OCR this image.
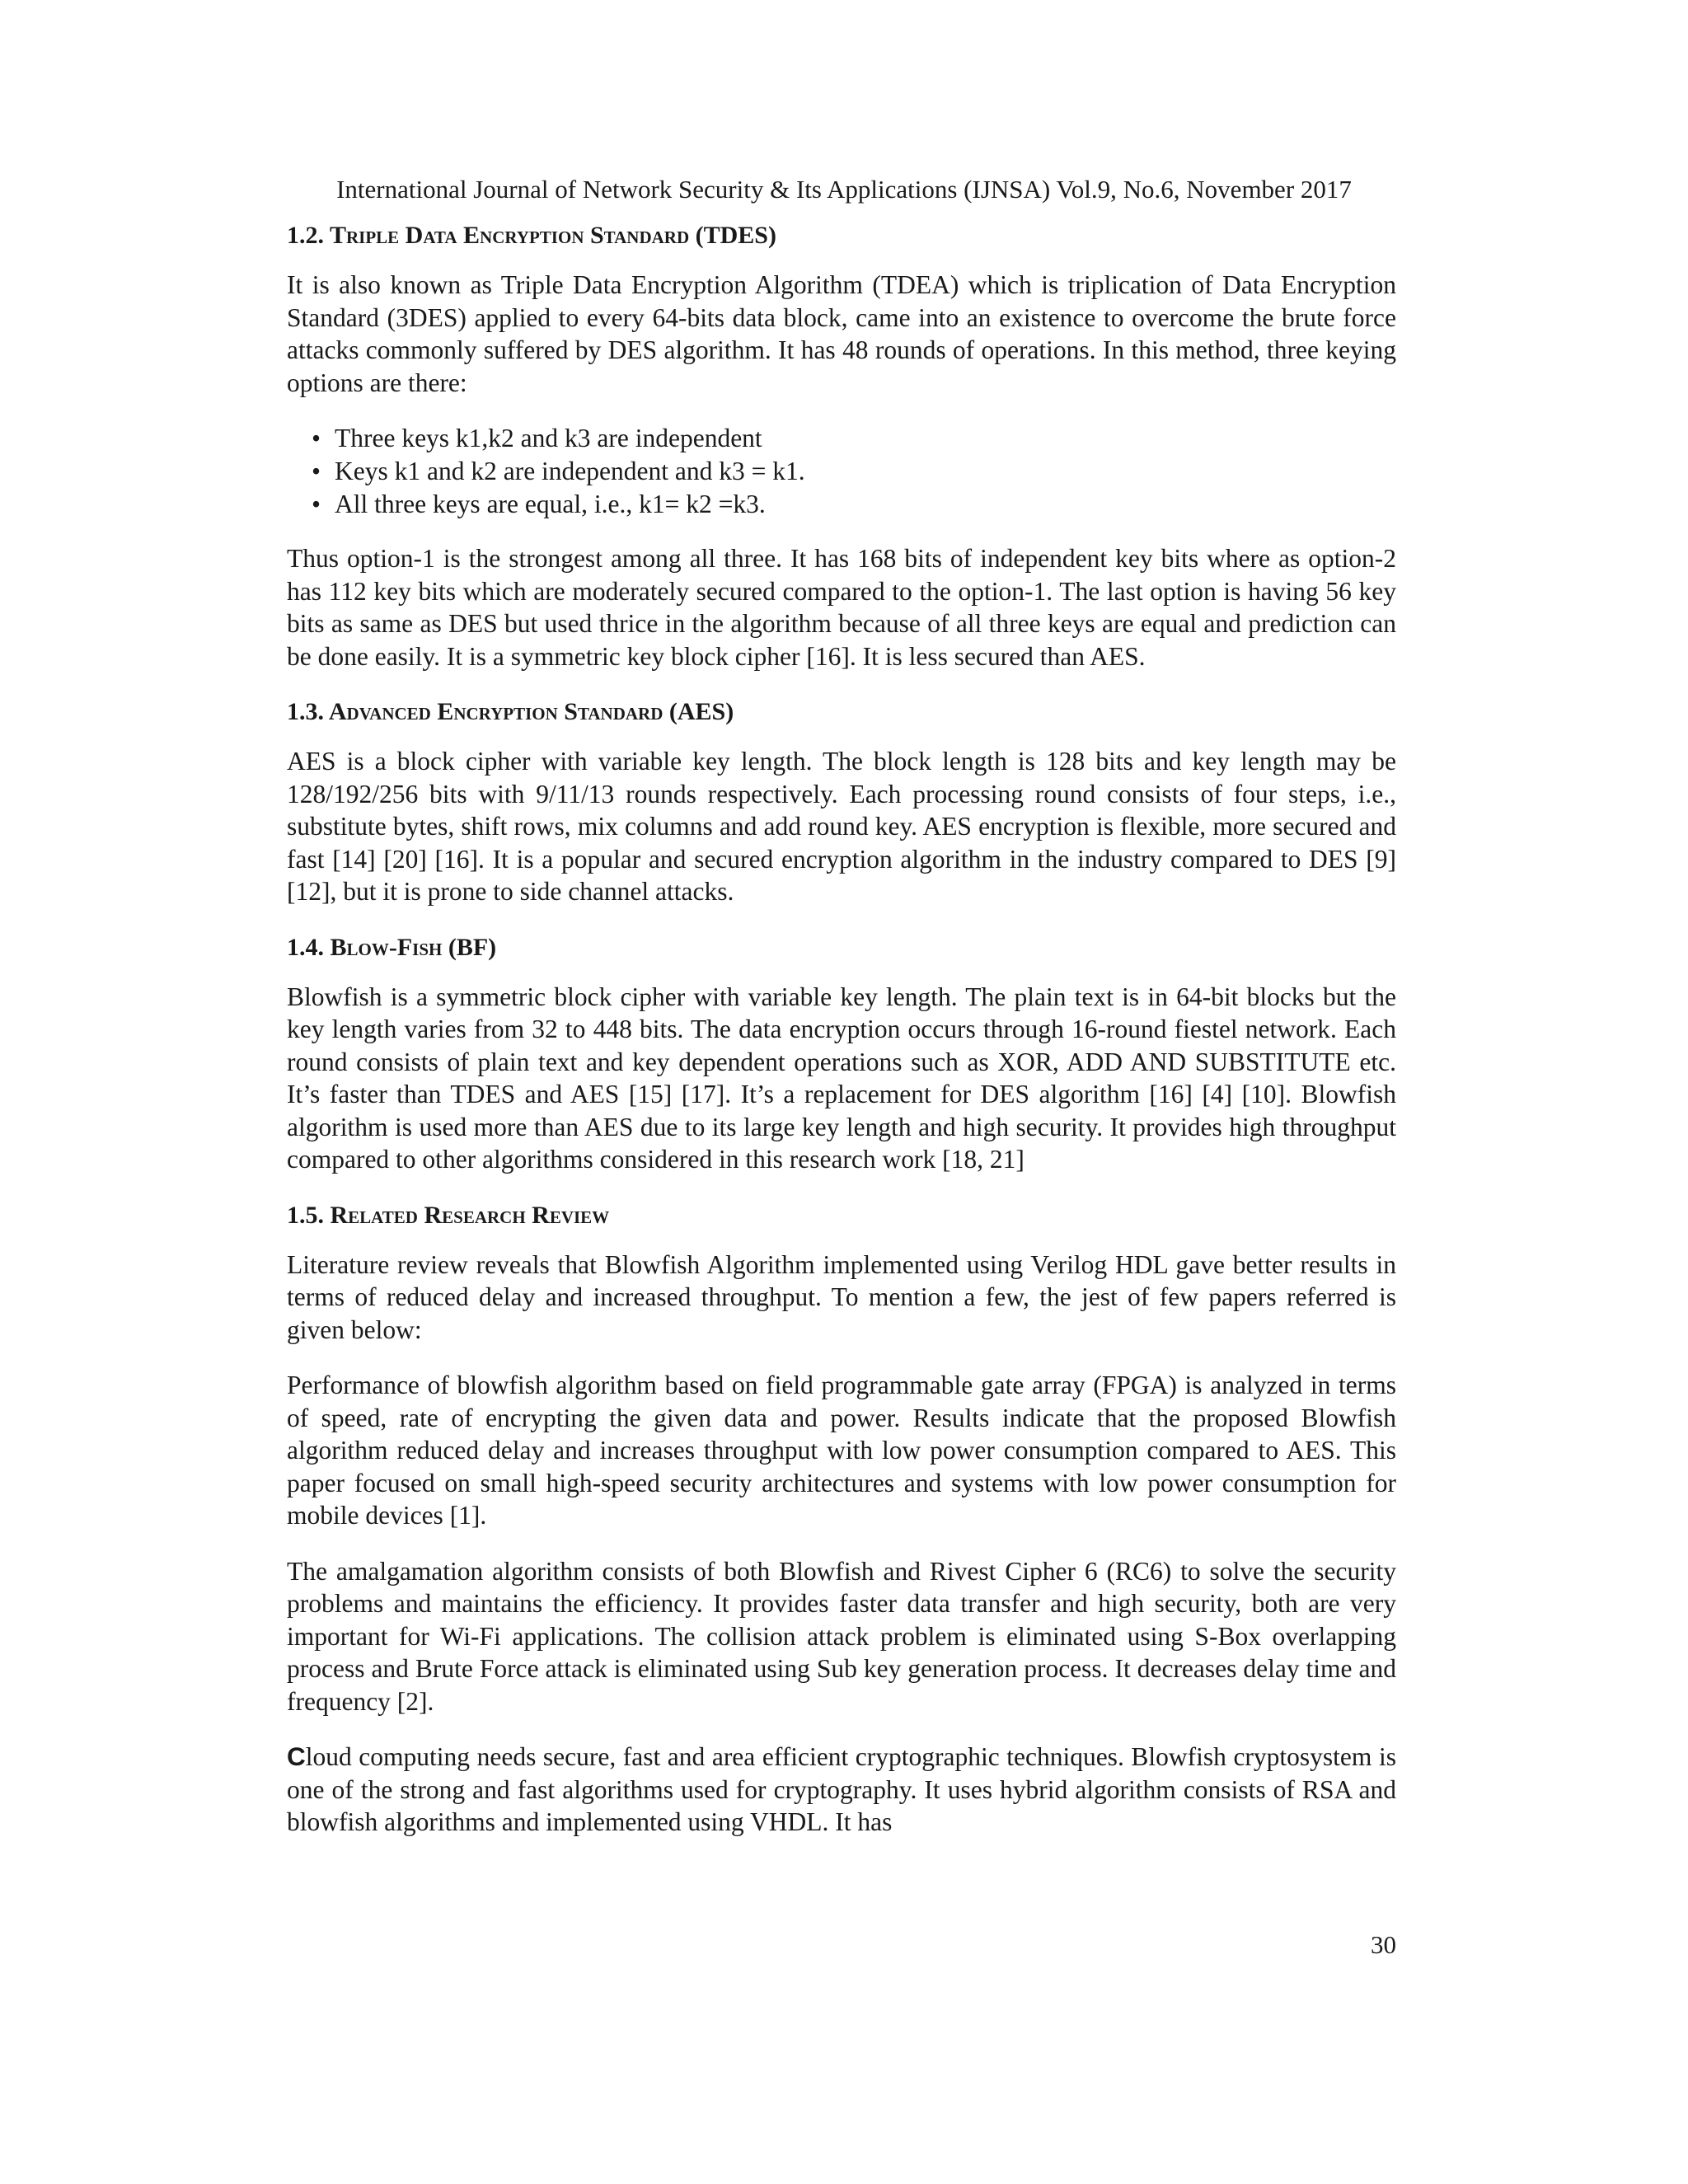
International Journal of Network Security & Its Applications (IJNSA) Vol.9, No.6, November 2017
1.2. Triple Data Encryption Standard (TDES)

It is also known as Triple Data Encryption Algorithm (TDEA) which is triplication of Data Encryption Standard (3DES) applied to every 64-bits data block, came into an existence to overcome the brute force attacks commonly suffered by DES algorithm. It has 48 rounds of operations. In this method, three keying options are there:

• Three keys k1,k2 and k3 are independent
• Keys k1 and k2 are independent and k3 = k1.
• All three keys are equal, i.e., k1= k2 =k3.

Thus option-1 is the strongest among all three. It has 168 bits of independent key bits where as option-2 has 112 key bits which are moderately secured compared to the option-1. The last option is having 56 key bits as same as DES but used thrice in the algorithm because of all three keys are equal and prediction can be done easily. It is a symmetric key block cipher [16]. It is less secured than AES.

1.3. Advanced Encryption Standard (AES)

AES is a block cipher with variable key length. The block length is 128 bits and key length may be 128/192/256 bits with 9/11/13 rounds respectively. Each processing round consists of four steps, i.e., substitute bytes, shift rows, mix columns and add round key. AES encryption is flexible, more secured and fast [14] [20] [16]. It is a popular and secured encryption algorithm in the industry compared to DES [9] [12], but it is prone to side channel attacks.

1.4. Blow-Fish (BF)

Blowfish is a symmetric block cipher with variable key length. The plain text is in 64-bit blocks but the key length varies from 32 to 448 bits. The data encryption occurs through 16-round fiestel network. Each round consists of plain text and key dependent operations such as XOR, ADD AND SUBSTITUTE etc. It’s faster than TDES and AES [15] [17]. It’s a replacement for DES algorithm [16] [4] [10]. Blowfish algorithm is used more than AES due to its large key length and high security. It provides high throughput compared to other algorithms considered in this research work [18, 21]

1.5. Related Research Review

Literature review reveals that Blowfish Algorithm implemented using Verilog HDL gave better results in terms of reduced delay and increased throughput. To mention a few, the jest of few papers referred is given below:

Performance of blowfish algorithm based on field programmable gate array (FPGA) is analyzed in terms of speed, rate of encrypting the given data and power. Results indicate that the proposed Blowfish algorithm reduced delay and increases throughput with low power consumption compared to AES. This paper focused on small high-speed security architectures and systems with low power consumption for mobile devices [1].

The amalgamation algorithm consists of both Blowfish and Rivest Cipher 6 (RC6) to solve the security problems and maintains the efficiency. It provides faster data transfer and high security, both are very important for Wi-Fi applications. The collision attack problem is eliminated using S-Box overlapping process and Brute Force attack is eliminated using Sub key generation process. It decreases delay time and frequency [2].

Cloud computing needs secure, fast and area efficient cryptographic techniques. Blowfish cryptosystem is one of the strong and fast algorithms used for cryptography. It uses hybrid algorithm consists of RSA and blowfish algorithms and implemented using VHDL. It has

30
